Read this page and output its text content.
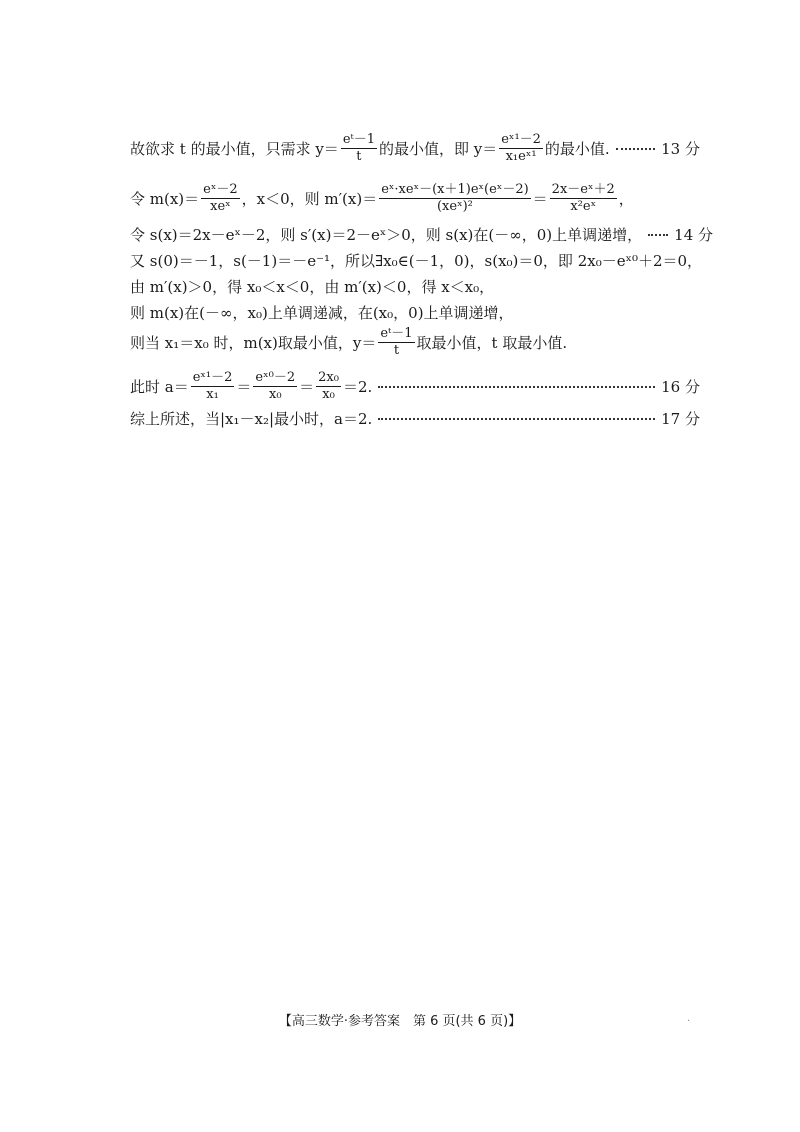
故欲求 t 的最小值，只需求 $y= \frac{\text{eᵗ－1}}{t}$ 的最小值，即 $y= \frac{\text{eˣ¹－2}}{\text{x₁eˣ¹}}$ 的最小值.	13 分
令 $m(x)= \frac{\text{eˣ－2}}{\text{xeˣ}}$ ，x＜0，则 $m'(x)= \frac{\text{eˣ·xeˣ－(x＋1)eˣ(eˣ－2)}}{\text{(xeˣ)²}} = \frac{\text{2x－eˣ＋2}}{\text{x²eˣ}}$ ，
令 s(x)＝2x－eˣ－2，则 s′(x)＝2－eˣ＞0，则 s(x)在(－∞，0)上单调递增， 14 分
又 s(0)＝－1，s(－1)＝－e⁻¹，所以∃x₀∈(－1，0)，s(x₀)＝0，即 2x₀－eˣ⁰＋2＝0，
由 m′(x)＞0，得 x₀＜x＜0，由 m′(x)＜0，得 x＜x₀，
则 m(x)在(－∞，x₀)上单调递减，在(x₀，0)上单调递增，
则当 x₁＝x₀ 时，m(x)取最小值，$y= \frac{\text{eᵗ－1}}{t}$ 取最小值，t 取最小值.
此时 $a= \frac{\text{eˣ¹－2}}{\text{x₁}} = \frac{\text{eˣ⁰－2}}{\text{x₀}} = \frac{\text{2x₀}}{\text{x₀}} =2$.	16 分
综上所述，当|x₁－x₂|最小时，a＝2.	17 分
【高三数学·参考答案　第 6 页(共 6 页)】	·
